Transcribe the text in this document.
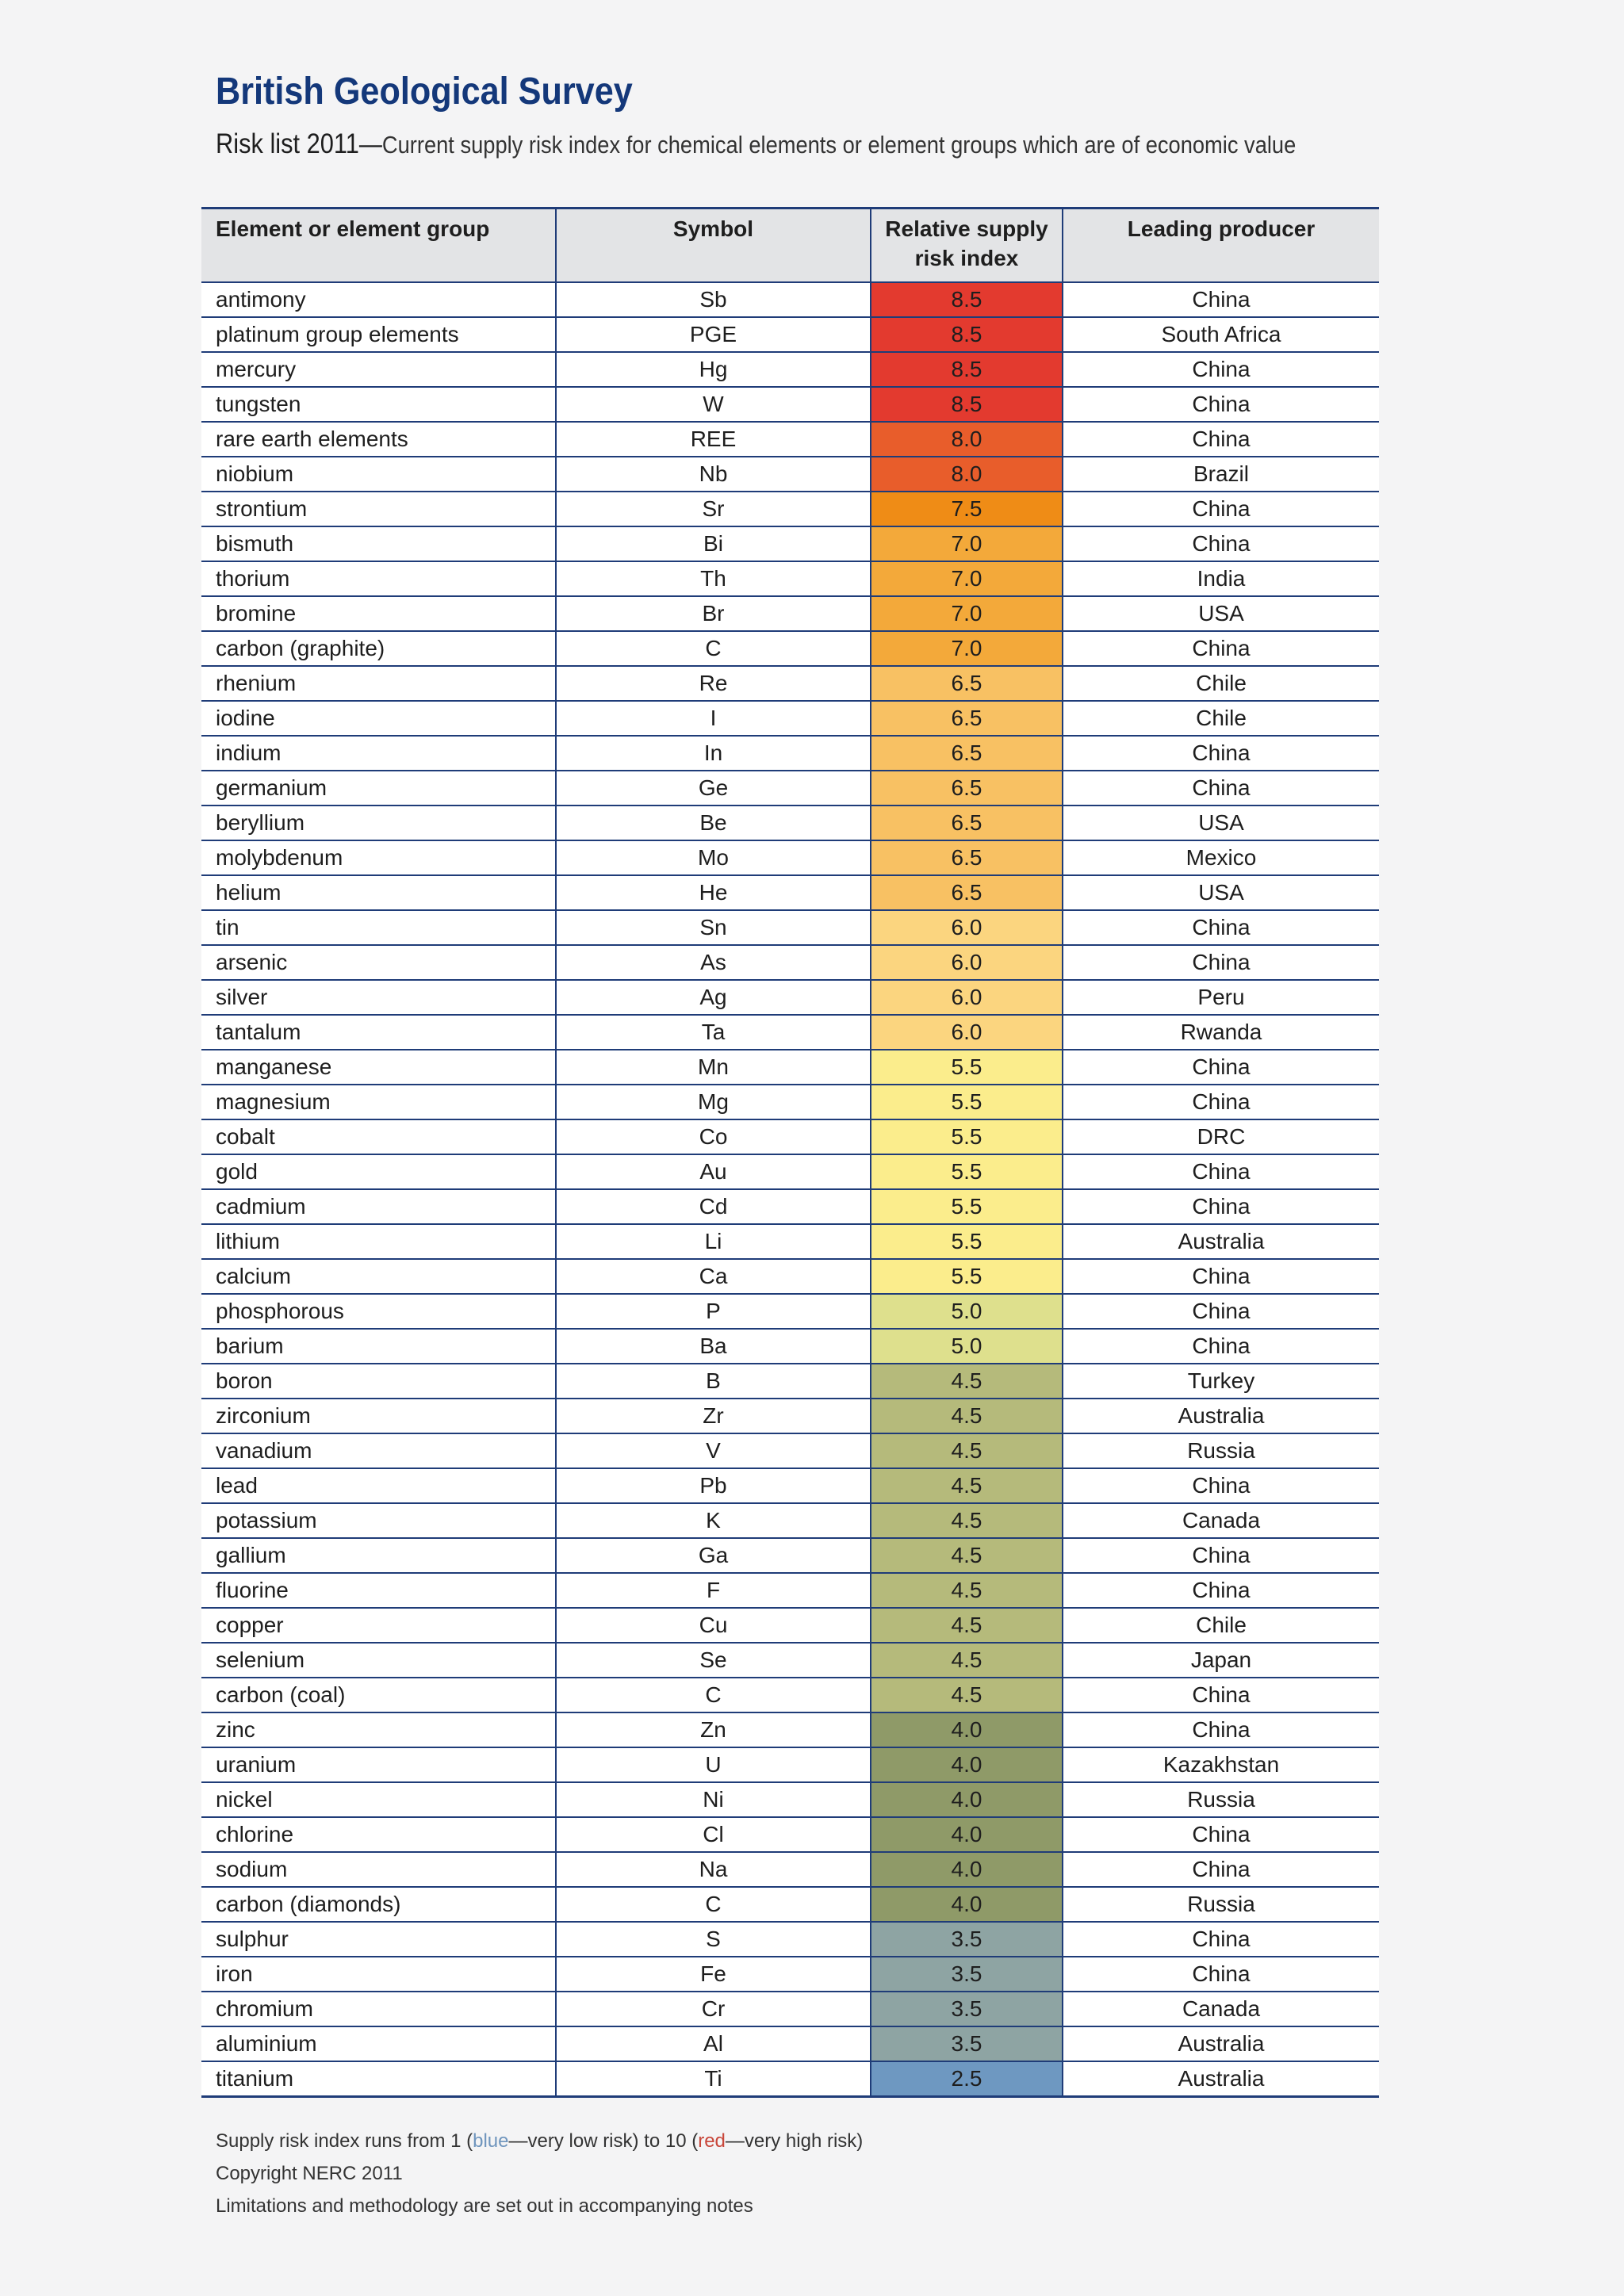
British Geological Survey
Risk list 2011—Current supply risk index for chemical elements or element groups which are of economic value
Element or element group	Symbol	Relative supply risk index	Leading producer
antimony	Sb	8.5	China
platinum group elements	PGE	8.5	South Africa
mercury	Hg	8.5	China
tungsten	W	8.5	China
rare earth elements	REE	8.0	China
niobium	Nb	8.0	Brazil
strontium	Sr	7.5	China
bismuth	Bi	7.0	China
thorium	Th	7.0	India
bromine	Br	7.0	USA
carbon (graphite)	C	7.0	China
rhenium	Re	6.5	Chile
iodine	I	6.5	Chile
indium	In	6.5	China
germanium	Ge	6.5	China
beryllium	Be	6.5	USA
molybdenum	Mo	6.5	Mexico
helium	He	6.5	USA
tin	Sn	6.0	China
arsenic	As	6.0	China
silver	Ag	6.0	Peru
tantalum	Ta	6.0	Rwanda
manganese	Mn	5.5	China
magnesium	Mg	5.5	China
cobalt	Co	5.5	DRC
gold	Au	5.5	China
cadmium	Cd	5.5	China
lithium	Li	5.5	Australia
calcium	Ca	5.5	China
phosphorous	P	5.0	China
barium	Ba	5.0	China
boron	B	4.5	Turkey
zirconium	Zr	4.5	Australia
vanadium	V	4.5	Russia
lead	Pb	4.5	China
potassium	K	4.5	Canada
gallium	Ga	4.5	China
fluorine	F	4.5	China
copper	Cu	4.5	Chile
selenium	Se	4.5	Japan
carbon (coal)	C	4.5	China
zinc	Zn	4.0	China
uranium	U	4.0	Kazakhstan
nickel	Ni	4.0	Russia
chlorine	Cl	4.0	China
sodium	Na	4.0	China
carbon (diamonds)	C	4.0	Russia
sulphur	S	3.5	China
iron	Fe	3.5	China
chromium	Cr	3.5	Canada
aluminium	Al	3.5	Australia
titanium	Ti	2.5	Australia
Supply risk index runs from 1 (blue—very low risk) to 10 (red—very high risk)
Copyright NERC 2011
Limitations and methodology are set out in accompanying notes
